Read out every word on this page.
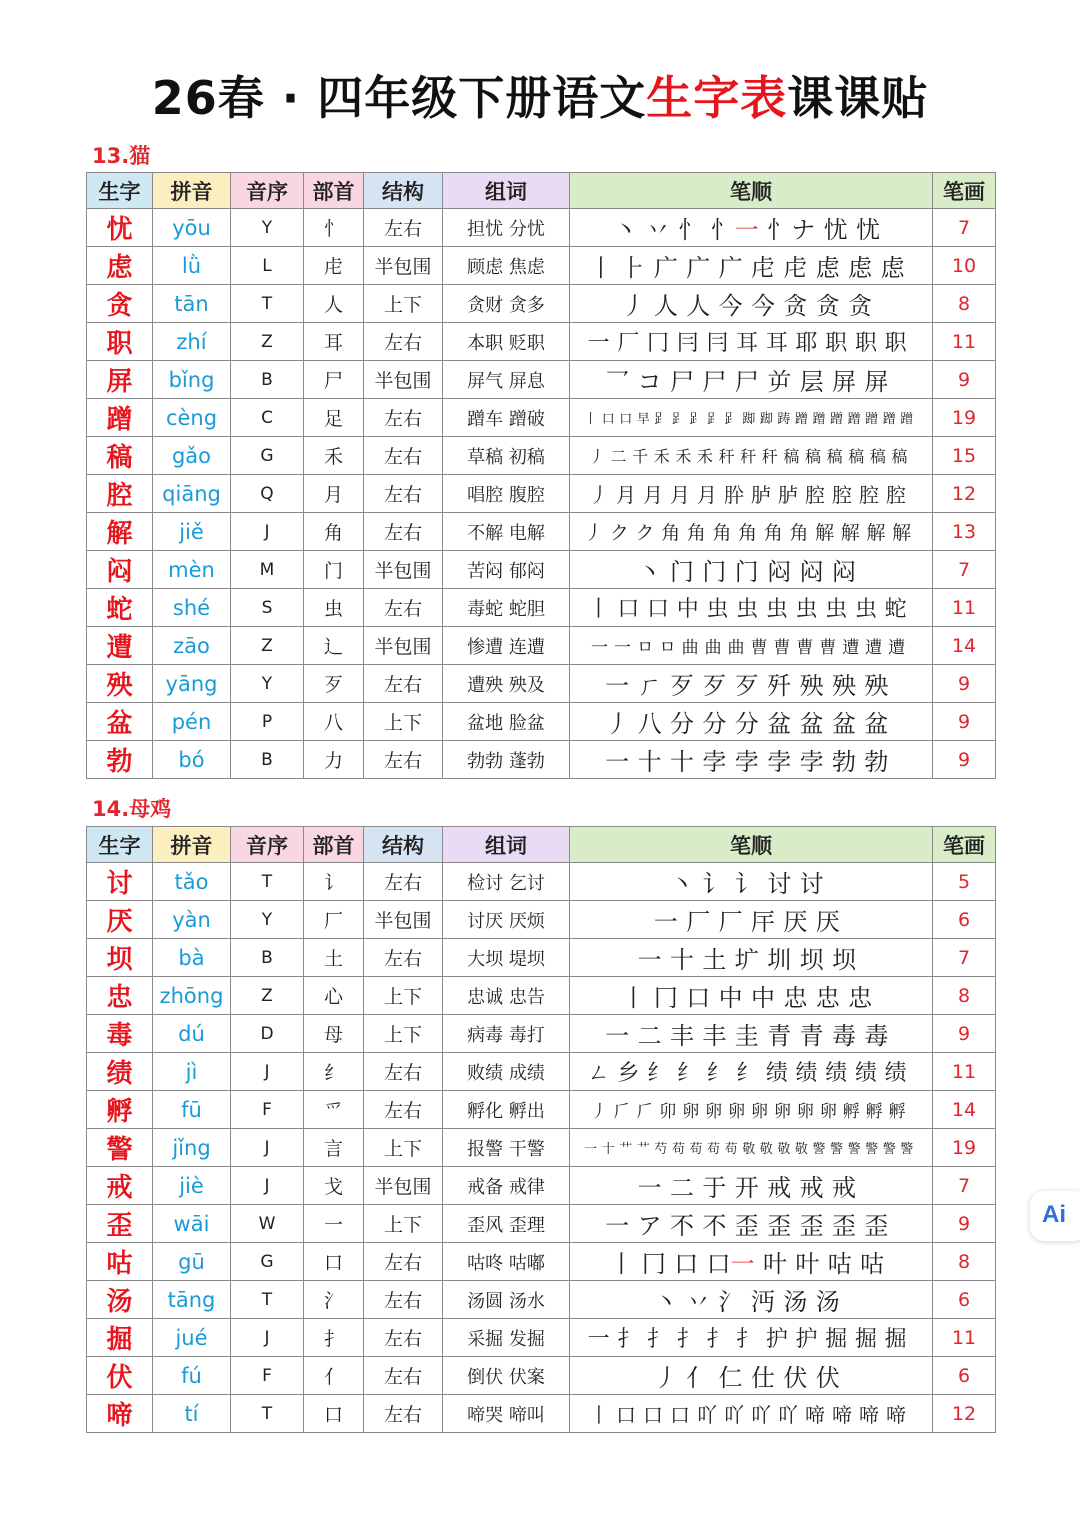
26春 · 四年级下册语文生字表课课贴
13.猫
生字	拼音	音序	部首	结构	组词	笔顺	笔画
忧	yōu	Y	忄	左右	担忧 分忧	丶 丷 忄 忄一 忄ナ 忧 忧	7
虑	lǜ	L	虍	半包围	顾虑 焦虑	丨 ⺊ 广 广 广 虍 虍 虑 虑 虑	10
贪	tān	T	人	上下	贪财 贪多	丿 人 人 今 今 贪 贪 贪	8
职	zhí	Z	耳	左右	本职 贬职	一 厂 冂 冃 冃 耳 耳 耶 职 职 职	11
屏	bǐng	B	尸	半包围	屏气 屏息	乛 コ 尸 尸 尸 屰 层 屏 屏	9
蹭	cèng	C	足	左右	蹭车 蹭破	丨 口 口 早 𧾷 𧾷 𧾷 𧾷 𧾷 踋 踋 踌 蹭 蹭 蹭 蹭 蹭 蹭 蹭	19
稿	gǎo	G	禾	左右	草稿 初稿	丿 二 千 禾 禾 禾 秆 秆 秆 稿 稿 稿 稿 稿 稿	15
腔	qiāng	Q	月	左右	唱腔 腹腔	丿 月 月 月 月 肸 胪 胪 腔 腔 腔 腔	12
解	jiě	J	角	左右	不解 电解	丿 ク ク 角 角 角 角 角 角 解 解 解 解	13
闷	mèn	M	门	半包围	苦闷 郁闷	丶 门 门 门 闷 闷 闷	7
蛇	shé	S	虫	左右	毒蛇 蛇胆	丨 口 口 中 虫 虫 虫 虫 虫 虫 蛇	11
遭	zāo	Z	辶	半包围	惨遭 连遭	一 一 ㅁ ㅁ 曲 曲 曲 曹 曹 曹 曹 遭 遭 遭	14
殃	yāng	Y	歹	左右	遭殃 殃及	一 ㄏ 歹 歹 歹 歼 殃 殃 殃	9
盆	pén	P	八	上下	盆地 脸盆	丿 八 分 分 分 盆 盆 盆 盆	9
勃	bó	B	力	左右	勃勃 蓬勃	一 十 十 孛 孛 孛 孛 勃 勃	9
14.母鸡
生字	拼音	音序	部首	结构	组词	笔顺	笔画
讨	tǎo	T	讠	左右	检讨 乞讨	丶 讠 讠 讨 讨	5
厌	yàn	Y	厂	半包围	讨厌 厌烦	一 厂 厂 厈 厌 厌	6
坝	bà	B	土	左右	大坝 堤坝	一 十 土 圹 圳 坝 坝	7
忠	zhōng	Z	心	上下	忠诚 忠告	丨 冂 口 中 中 忠 忠 忠	8
毒	dú	D	母	上下	病毒 毒打	一 二 丰 丰 圭 青 青 毒 毒	9
绩	jì	J	纟	左右	败绩 成绩	ㄥ 乡 纟 纟 纟 纟 绩 绩 绩 绩 绩	11
孵	fū	F	爫	左右	孵化 孵出	丿 𠂆 𠂆 卯 卵 卵 卵 卵 卵 卵 卵 孵 孵 孵	14
警	jǐng	J	言	上下	报警 干警	一 十 艹 艹 芍 苟 苟 苟 苟 敬 敬 敬 敬 警 警 警 警 警 警	19
戒	jiè	J	戈	半包围	戒备 戒律	一 二 于 开 戒 戒 戒	7
歪	wāi	W	一	上下	歪风 歪理	一 ア 不 不 歪 歪 歪 歪 歪	9
咕	gū	G	口	左右	咕咚 咕嘟	丨 冂 口 口一 叶 叶 咕 咕	8
汤	tāng	T	氵	左右	汤圆 汤水	丶 丷 氵 沔 汤 汤	6
掘	jué	J	扌	左右	采掘 发掘	一 扌 扌 扌 扌 扌 护 护 掘 掘 掘	11
伏	fú	F	亻	左右	倒伏 伏案	丿 亻 仁 仕 伏 伏	6
啼	tí	T	口	左右	啼哭 啼叫	丨 口 口 口 吖 吖 吖 吖 啼 啼 啼 啼	12
Ai
